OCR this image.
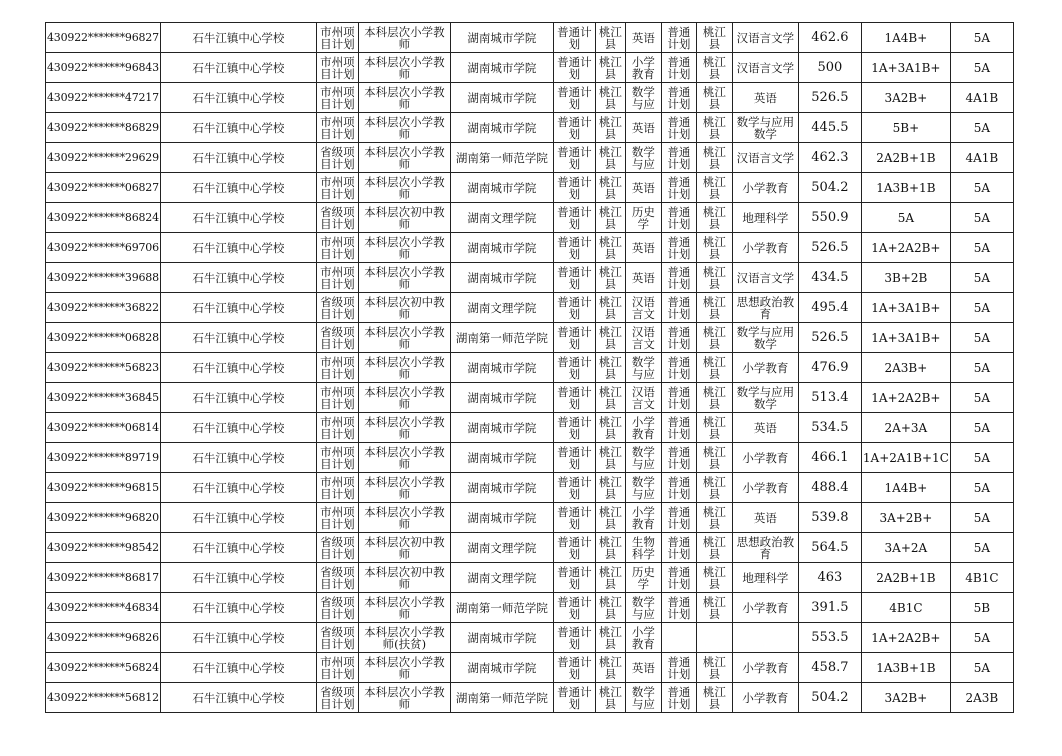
430922*******96827	石牛江镇中心学校	市州项目计划	本科层次小学教师	湖南城市学院	普通计划	桃江县	英语	普通计划	桃江县	汉语言文学	462.6	1A4B+	5A
430922*******96843	石牛江镇中心学校	市州项目计划	本科层次小学教师	湖南城市学院	普通计划	桃江县	小学教育	普通计划	桃江县	汉语言文学	500	1A+3A1B+	5A
430922*******47217	石牛江镇中心学校	市州项目计划	本科层次小学教师	湖南城市学院	普通计划	桃江县	数学与应	普通计划	桃江县	英语	526.5	3A2B+	4A1B
430922*******86829	石牛江镇中心学校	市州项目计划	本科层次小学教师	湖南城市学院	普通计划	桃江县	英语	普通计划	桃江县	数学与应用数学	445.5	5B+	5A
430922*******29629	石牛江镇中心学校	省级项目计划	本科层次小学教师	湖南第一师范学院	普通计划	桃江县	数学与应	普通计划	桃江县	汉语言文学	462.3	2A2B+1B	4A1B
430922*******06827	石牛江镇中心学校	市州项目计划	本科层次小学教师	湖南城市学院	普通计划	桃江县	英语	普通计划	桃江县	小学教育	504.2	1A3B+1B	5A
430922*******86824	石牛江镇中心学校	省级项目计划	本科层次初中教师	湖南文理学院	普通计划	桃江县	历史学	普通计划	桃江县	地理科学	550.9	5A	5A
430922*******69706	石牛江镇中心学校	市州项目计划	本科层次小学教师	湖南城市学院	普通计划	桃江县	英语	普通计划	桃江县	小学教育	526.5	1A+2A2B+	5A
430922*******39688	石牛江镇中心学校	市州项目计划	本科层次小学教师	湖南城市学院	普通计划	桃江县	英语	普通计划	桃江县	汉语言文学	434.5	3B+2B	5A
430922*******36822	石牛江镇中心学校	省级项目计划	本科层次初中教师	湖南文理学院	普通计划	桃江县	汉语言文	普通计划	桃江县	思想政治教育	495.4	1A+3A1B+	5A
430922*******06828	石牛江镇中心学校	省级项目计划	本科层次小学教师	湖南第一师范学院	普通计划	桃江县	汉语言文	普通计划	桃江县	数学与应用数学	526.5	1A+3A1B+	5A
430922*******56823	石牛江镇中心学校	市州项目计划	本科层次小学教师	湖南城市学院	普通计划	桃江县	数学与应	普通计划	桃江县	小学教育	476.9	2A3B+	5A
430922*******36845	石牛江镇中心学校	市州项目计划	本科层次小学教师	湖南城市学院	普通计划	桃江县	汉语言文	普通计划	桃江县	数学与应用数学	513.4	1A+2A2B+	5A
430922*******06814	石牛江镇中心学校	市州项目计划	本科层次小学教师	湖南城市学院	普通计划	桃江县	小学教育	普通计划	桃江县	英语	534.5	2A+3A	5A
430922*******89719	石牛江镇中心学校	市州项目计划	本科层次小学教师	湖南城市学院	普通计划	桃江县	数学与应	普通计划	桃江县	小学教育	466.1	1A+2A1B+1C	5A
430922*******96815	石牛江镇中心学校	市州项目计划	本科层次小学教师	湖南城市学院	普通计划	桃江县	数学与应	普通计划	桃江县	小学教育	488.4	1A4B+	5A
430922*******96820	石牛江镇中心学校	市州项目计划	本科层次小学教师	湖南城市学院	普通计划	桃江县	小学教育	普通计划	桃江县	英语	539.8	3A+2B+	5A
430922*******98542	石牛江镇中心学校	省级项目计划	本科层次初中教师	湖南文理学院	普通计划	桃江县	生物科学	普通计划	桃江县	思想政治教育	564.5	3A+2A	5A
430922*******86817	石牛江镇中心学校	省级项目计划	本科层次初中教师	湖南文理学院	普通计划	桃江县	历史学	普通计划	桃江县	地理科学	463	2A2B+1B	4B1C
430922*******46834	石牛江镇中心学校	省级项目计划	本科层次小学教师	湖南第一师范学院	普通计划	桃江县	数学与应	普通计划	桃江县	小学教育	391.5	4B1C	5B
430922*******96826	石牛江镇中心学校	省级项目计划	本科层次小学教师(扶贫)	湖南城市学院	普通计划	桃江县	小学教育				553.5	1A+2A2B+	5A
430922*******56824	石牛江镇中心学校	市州项目计划	本科层次小学教师	湖南城市学院	普通计划	桃江县	英语	普通计划	桃江县	小学教育	458.7	1A3B+1B	5A
430922*******56812	石牛江镇中心学校	省级项目计划	本科层次小学教师	湖南第一师范学院	普通计划	桃江县	数学与应	普通计划	桃江县	小学教育	504.2	3A2B+	2A3B
